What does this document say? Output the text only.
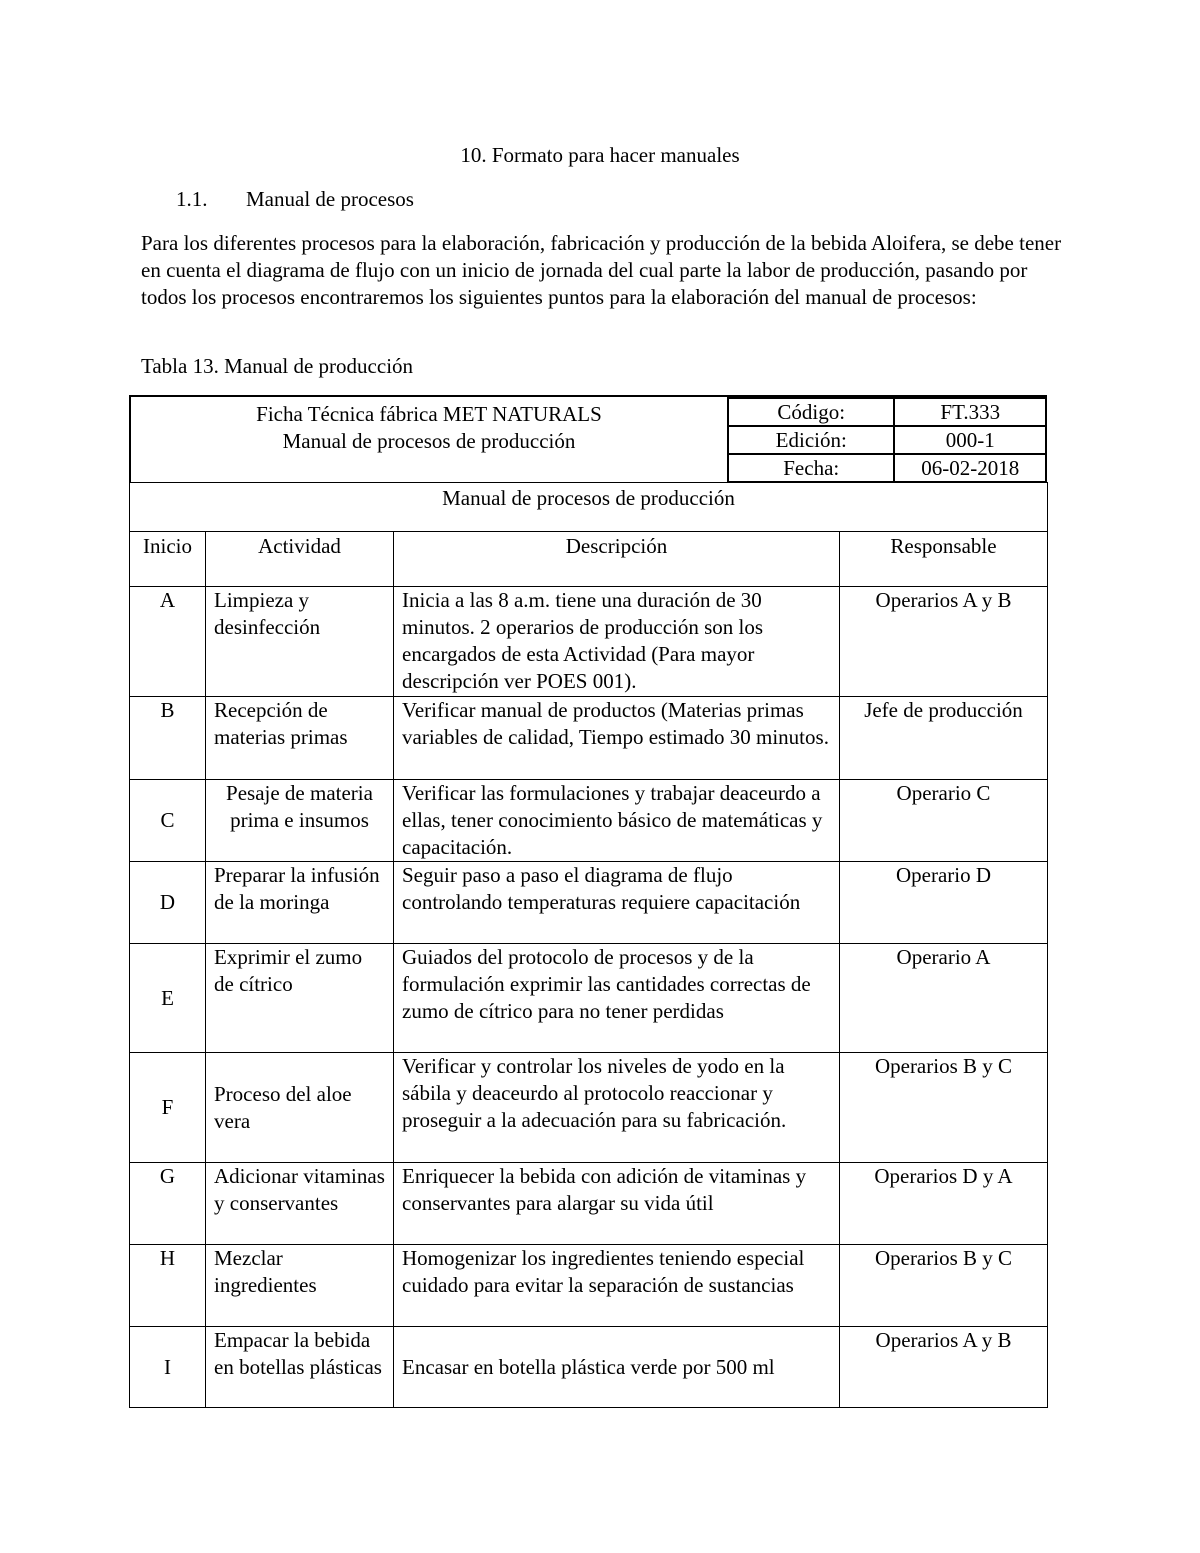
10. Formato para hacer manuales
1.1. Manual de procesos
Para los diferentes procesos para la elaboración, fabricación y producción de la bebida Aloifera, se debe tener en cuenta el diagrama de flujo con un inicio de jornada del cual parte la labor de producción, pasando por todos los procesos encontraremos los siguientes puntos para la elaboración del manual de procesos:
Tabla 13. Manual de producción
Ficha Técnica fábrica MET NATURALS
Manual de procesos de producción
Código:	FT.333
Edición:	000-1
Fecha:	06-02-2018
Manual de procesos de producción			
Inicio	Actividad	Descripción	Responsable
A	Limpieza y desinfección	Inicia a las 8 a.m. tiene una duración de 30 minutos. 2 operarios de producción son los encargados de esta Actividad (Para mayor descripción ver POES 001).	Operarios A y B
B	Recepción de materias primas	Verificar manual de productos (Materias primas variables de calidad, Tiempo estimado 30 minutos.	Jefe de producción
C	Pesaje de materia prima e insumos	Verificar las formulaciones y trabajar deaceurdo a ellas, tener conocimiento básico de matemáticas y capacitación.	Operario C
D	Preparar la infusión de la moringa	Seguir paso a paso el diagrama de flujo controlando temperaturas requiere capacitación	Operario D
E	Exprimir el zumo de cítrico	Guiados del protocolo de procesos y de la formulación exprimir las cantidades correctas de zumo de cítrico para no tener perdidas	Operario A
F	Proceso del aloe vera	Verificar y controlar los niveles de yodo en la sábila y deaceurdo al protocolo reaccionar y proseguir a la adecuación para su fabricación.	Operarios B y C
G	Adicionar vitaminas y conservantes	Enriquecer la bebida con adición de vitaminas y conservantes para alargar su vida útil	Operarios D y A
H	Mezclar ingredientes	Homogenizar los ingredientes teniendo especial cuidado para evitar la separación de sustancias	Operarios B y C
I	Empacar la bebida en botellas plásticas	Encasar en botella plástica verde por 500 ml	Operarios A y B
